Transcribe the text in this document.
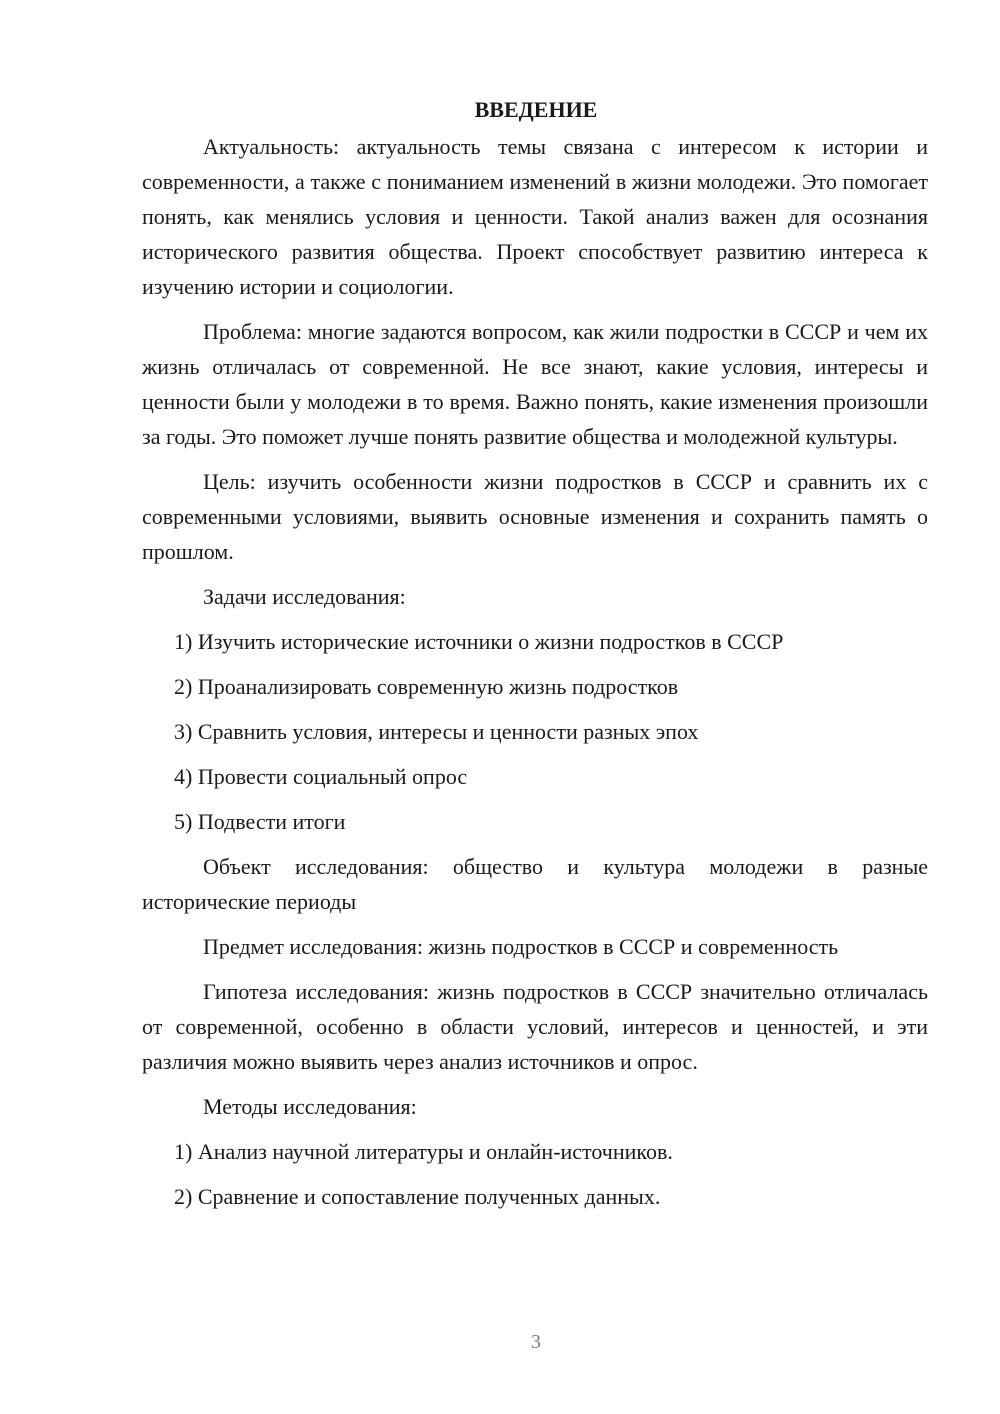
ВВЕДЕНИЕ

Актуальность: актуальность темы связана с интересом к истории и современности, а также с пониманием изменений в жизни молодежи. Это помогает понять, как менялись условия и ценности. Такой анализ важен для осознания исторического развития общества. Проект способствует развитию интереса к изучению истории и социологии.

Проблема: многие задаются вопросом, как жили подростки в СССР и чем их жизнь отличалась от современной. Не все знают, какие условия, интересы и ценности были у молодежи в то время. Важно понять, какие изменения произошли за годы. Это поможет лучше понять развитие общества и молодежной культуры.

Цель: изучить особенности жизни подростков в СССР и сравнить их с современными условиями, выявить основные изменения и сохранить память о прошлом.

Задачи исследования:
1) Изучить исторические источники о жизни подростков в СССР
2) Проанализировать современную жизнь подростков
3) Сравнить условия, интересы и ценности разных эпох
4) Провести социальный опрос
5) Подвести итоги

Объект исследования: общество и культура молодежи в разные исторические периоды

Предмет исследования: жизнь подростков в СССР и современность

Гипотеза исследования: жизнь подростков в СССР значительно отличалась от современной, особенно в области условий, интересов и ценностей, и эти различия можно выявить через анализ источников и опрос.

Методы исследования:
1) Анализ научной литературы и онлайн-источников.
2) Сравнение и сопоставление полученных данных.
3
